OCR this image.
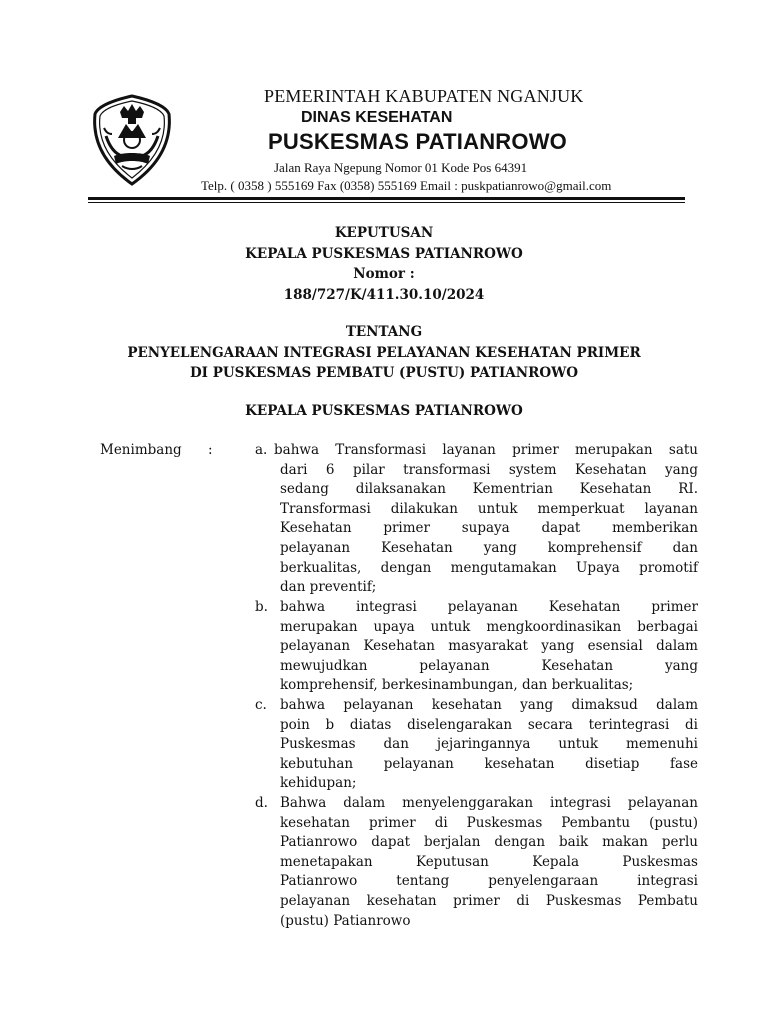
PEMERINTAH KABUPATEN NGANJUK
DINAS KESEHATAN
PUSKESMAS PATIANROWO
Jalan Raya Ngepung Nomor 01 Kode Pos 64391
Telp. ( 0358 ) 555169 Fax (0358) 555169 Email : puskpatianrowo@gmail.com
KEPUTUSAN
KEPALA PUSKESMAS PATIANROWO
Nomor :
188/727/K/411.30.10/2024
TENTANG
PENYELENGARAAN INTEGRASI PELAYANAN KESEHATAN PRIMER
DI PUSKESMAS PEMBATU (PUSTU) PATIANROWO
KEPALA PUSKESMAS PATIANROWO
Menimbang :	a. bahwa Transformasi layanan primer merupakan satu
dari 6 pilar transformasi system Kesehatan yang
sedang dilaksanakan Kementrian Kesehatan RI.
Transformasi dilakukan untuk memperkuat layanan
Kesehatan primer supaya dapat memberikan
pelayanan Kesehatan yang komprehensif dan
berkualitas, dengan mengutamakan Upaya promotif
dan preventif;
b. bahwa integrasi pelayanan Kesehatan primer
merupakan upaya untuk mengkoordinasikan berbagai
pelayanan Kesehatan masyarakat yang esensial dalam
mewujudkan pelayanan Kesehatan yang
komprehensif, berkesinambungan, dan berkualitas;
c. bahwa pelayanan kesehatan yang dimaksud dalam
poin b diatas diselengarakan secara terintegrasi di
Puskesmas dan jejaringannya untuk memenuhi
kebutuhan pelayanan kesehatan disetiap fase
kehidupan;
d. Bahwa dalam menyelenggarakan integrasi pelayanan
kesehatan primer di Puskesmas Pembantu (pustu)
Patianrowo dapat berjalan dengan baik makan perlu
menetapakan Keputusan Kepala Puskesmas
Patianrowo tentang penyelengaraan integrasi
pelayanan kesehatan primer di Puskesmas Pembatu
(pustu) Patianrowo
